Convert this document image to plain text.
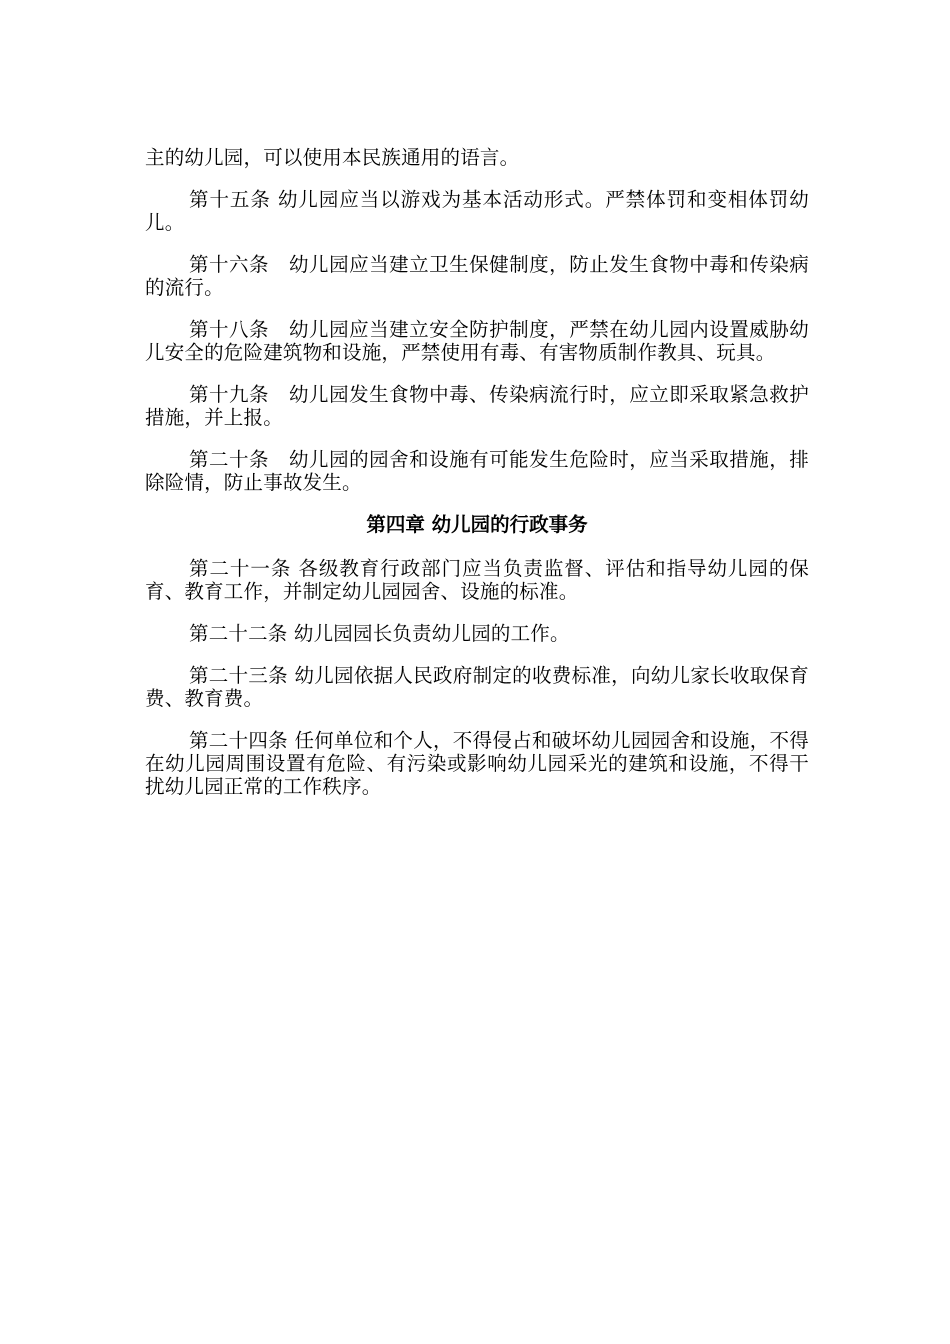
主的幼儿园，可以使用本民族通用的语言。

第十五条 幼儿园应当以游戏为基本活动形式。严禁体罚和变相体罚幼儿。

第十六条　幼儿园应当建立卫生保健制度，防止发生食物中毒和传染病的流行。

第十八条　幼儿园应当建立安全防护制度，严禁在幼儿园内设置威胁幼儿安全的危险建筑物和设施，严禁使用有毒、有害物质制作教具、玩具。

第十九条　幼儿园发生食物中毒、传染病流行时，应立即采取紧急救护措施，并上报。

第二十条　幼儿园的园舍和设施有可能发生危险时，应当采取措施，排除险情，防止事故发生。

第四章 幼儿园的行政事务

第二十一条 各级教育行政部门应当负责监督、评估和指导幼儿园的保育、教育工作，并制定幼儿园园舍、设施的标准。

第二十二条 幼儿园园长负责幼儿园的工作。

第二十三条 幼儿园依据人民政府制定的收费标准，向幼儿家长收取保育费、教育费。

第二十四条 任何单位和个人，不得侵占和破坏幼儿园园舍和设施，不得在幼儿园周围设置有危险、有污染或影响幼儿园采光的建筑和设施，不得干扰幼儿园正常的工作秩序。
